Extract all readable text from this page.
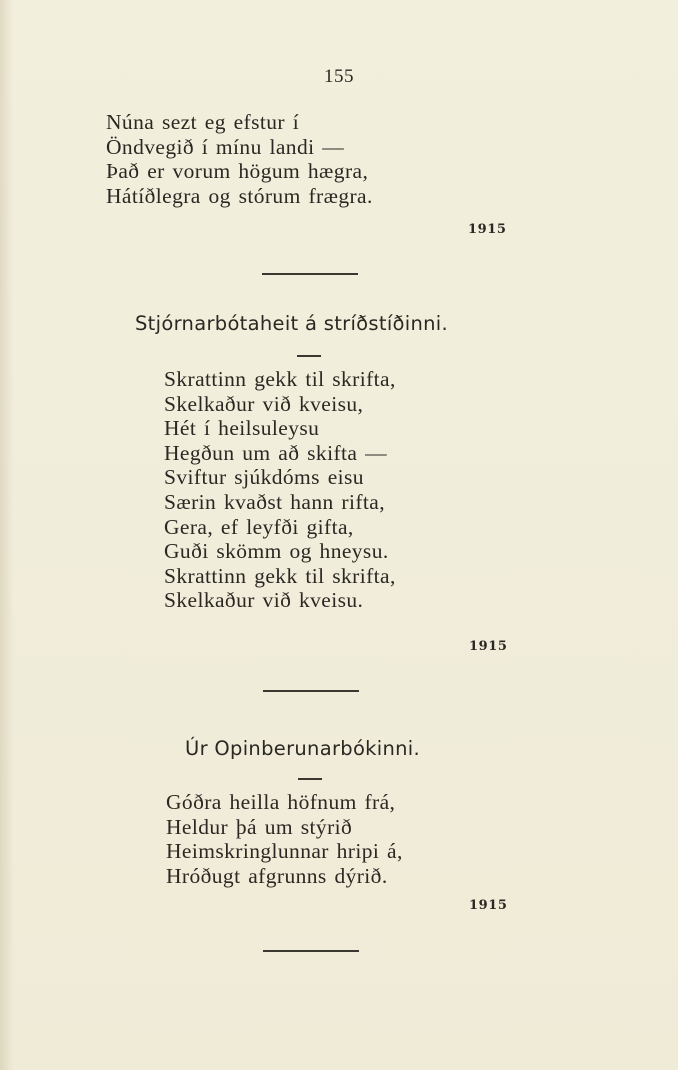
155
Núna sezt eg efstur í
Öndvegið í mínu landi —
Það er vorum högum hægra,
Hátíðlegra og stórum frægra.
1915
Stjórnarbótaheit á stríðstíðinni.
Skrattinn gekk til skrifta,
Skelkaður við kveisu,
Hét í heilsuleysu
Hegðun um að skifta —
Sviftur sjúkdóms eisu
Særin kvaðst hann rifta,
Gera, ef leyfði gifta,
Guði skömm og hneysu.
Skrattinn gekk til skrifta,
Skelkaður við kveisu.
1915
Úr Opinberunarbókinni.
Góðra heilla höfnum frá,
Heldur þá um stýrið
Heimskringlunnar hripi á,
Hróðugt afgrunns dýrið.
1915
